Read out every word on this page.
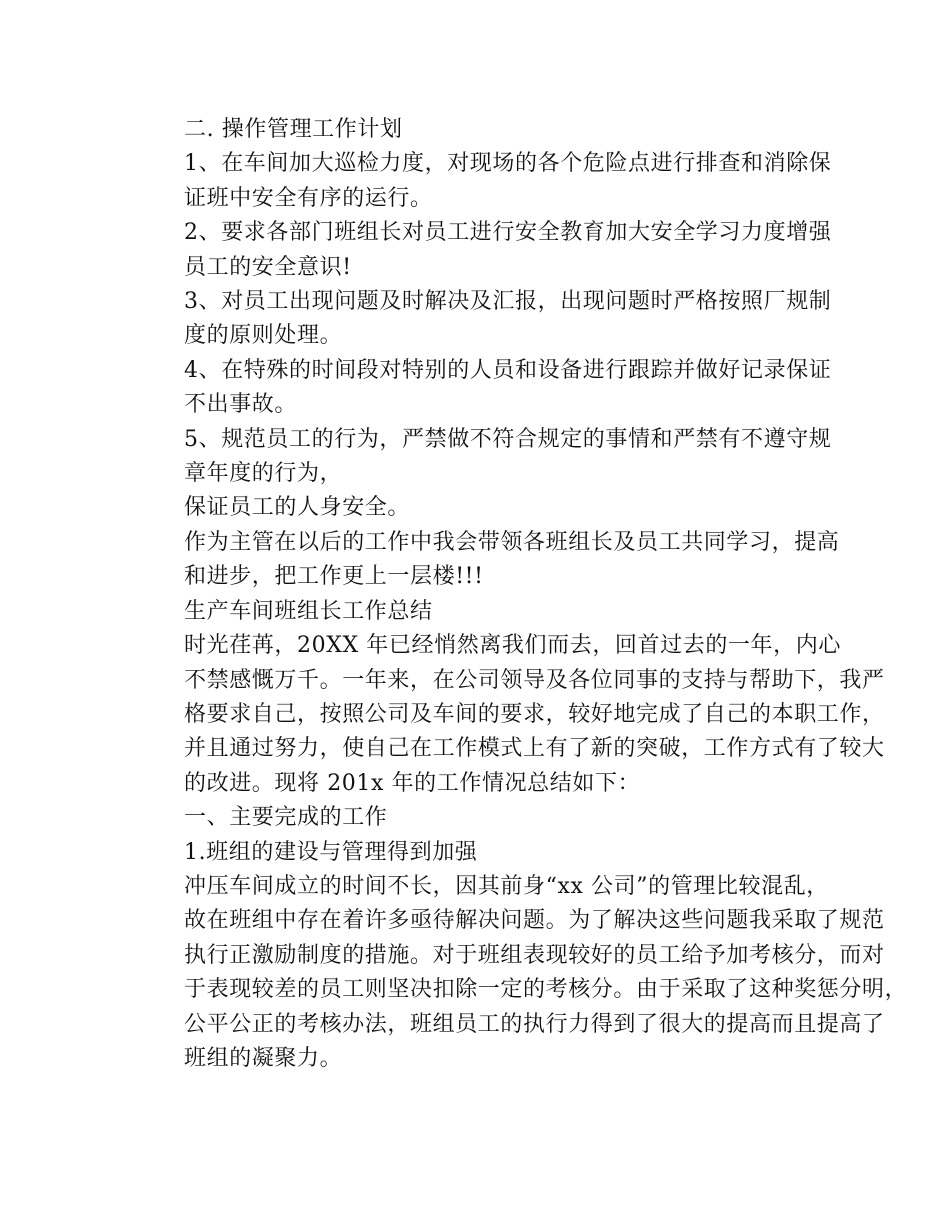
二. 操作管理工作计划

1、在车间加大巡检力度，对现场的各个危险点进行排查和消除保
证班中安全有序的运行。

2、要求各部门班组长对员工进行安全教育加大安全学习力度增强
员工的安全意识!

3、对员工出现问题及时解决及汇报，出现问题时严格按照厂规制
度的原则处理。

4、在特殊的时间段对特别的人员和设备进行跟踪并做好记录保证
不出事故。

5、规范员工的行为，严禁做不符合规定的事情和严禁有不遵守规
章年度的行为，

保证员工的人身安全。

作为主管在以后的工作中我会带领各班组长及员工共同学习，提高
和进步，把工作更上一层楼!!!

生产车间班组长工作总结

时光荏苒，20XX 年已经悄然离我们而去，回首过去的一年，内心
不禁感慨万千。一年来，在公司领导及各位同事的支持与帮助下，我严
格要求自己，按照公司及车间的要求，较好地完成了自己的本职工作，
并且通过努力，使自己在工作模式上有了新的突破，工作方式有了较大
的改进。现将 201x 年的工作情况总结如下：

一、主要完成的工作

1.班组的建设与管理得到加强

冲压车间成立的时间不长，因其前身“xx 公司”的管理比较混乱，
故在班组中存在着许多亟待解决问题。为了解决这些问题我采取了规范
执行正激励制度的措施。对于班组表现较好的员工给予加考核分，而对
于表现较差的员工则坚决扣除一定的考核分。由于采取了这种奖惩分明，
公平公正的考核办法，班组员工的执行力得到了很大的提高而且提高了
班组的凝聚力。
